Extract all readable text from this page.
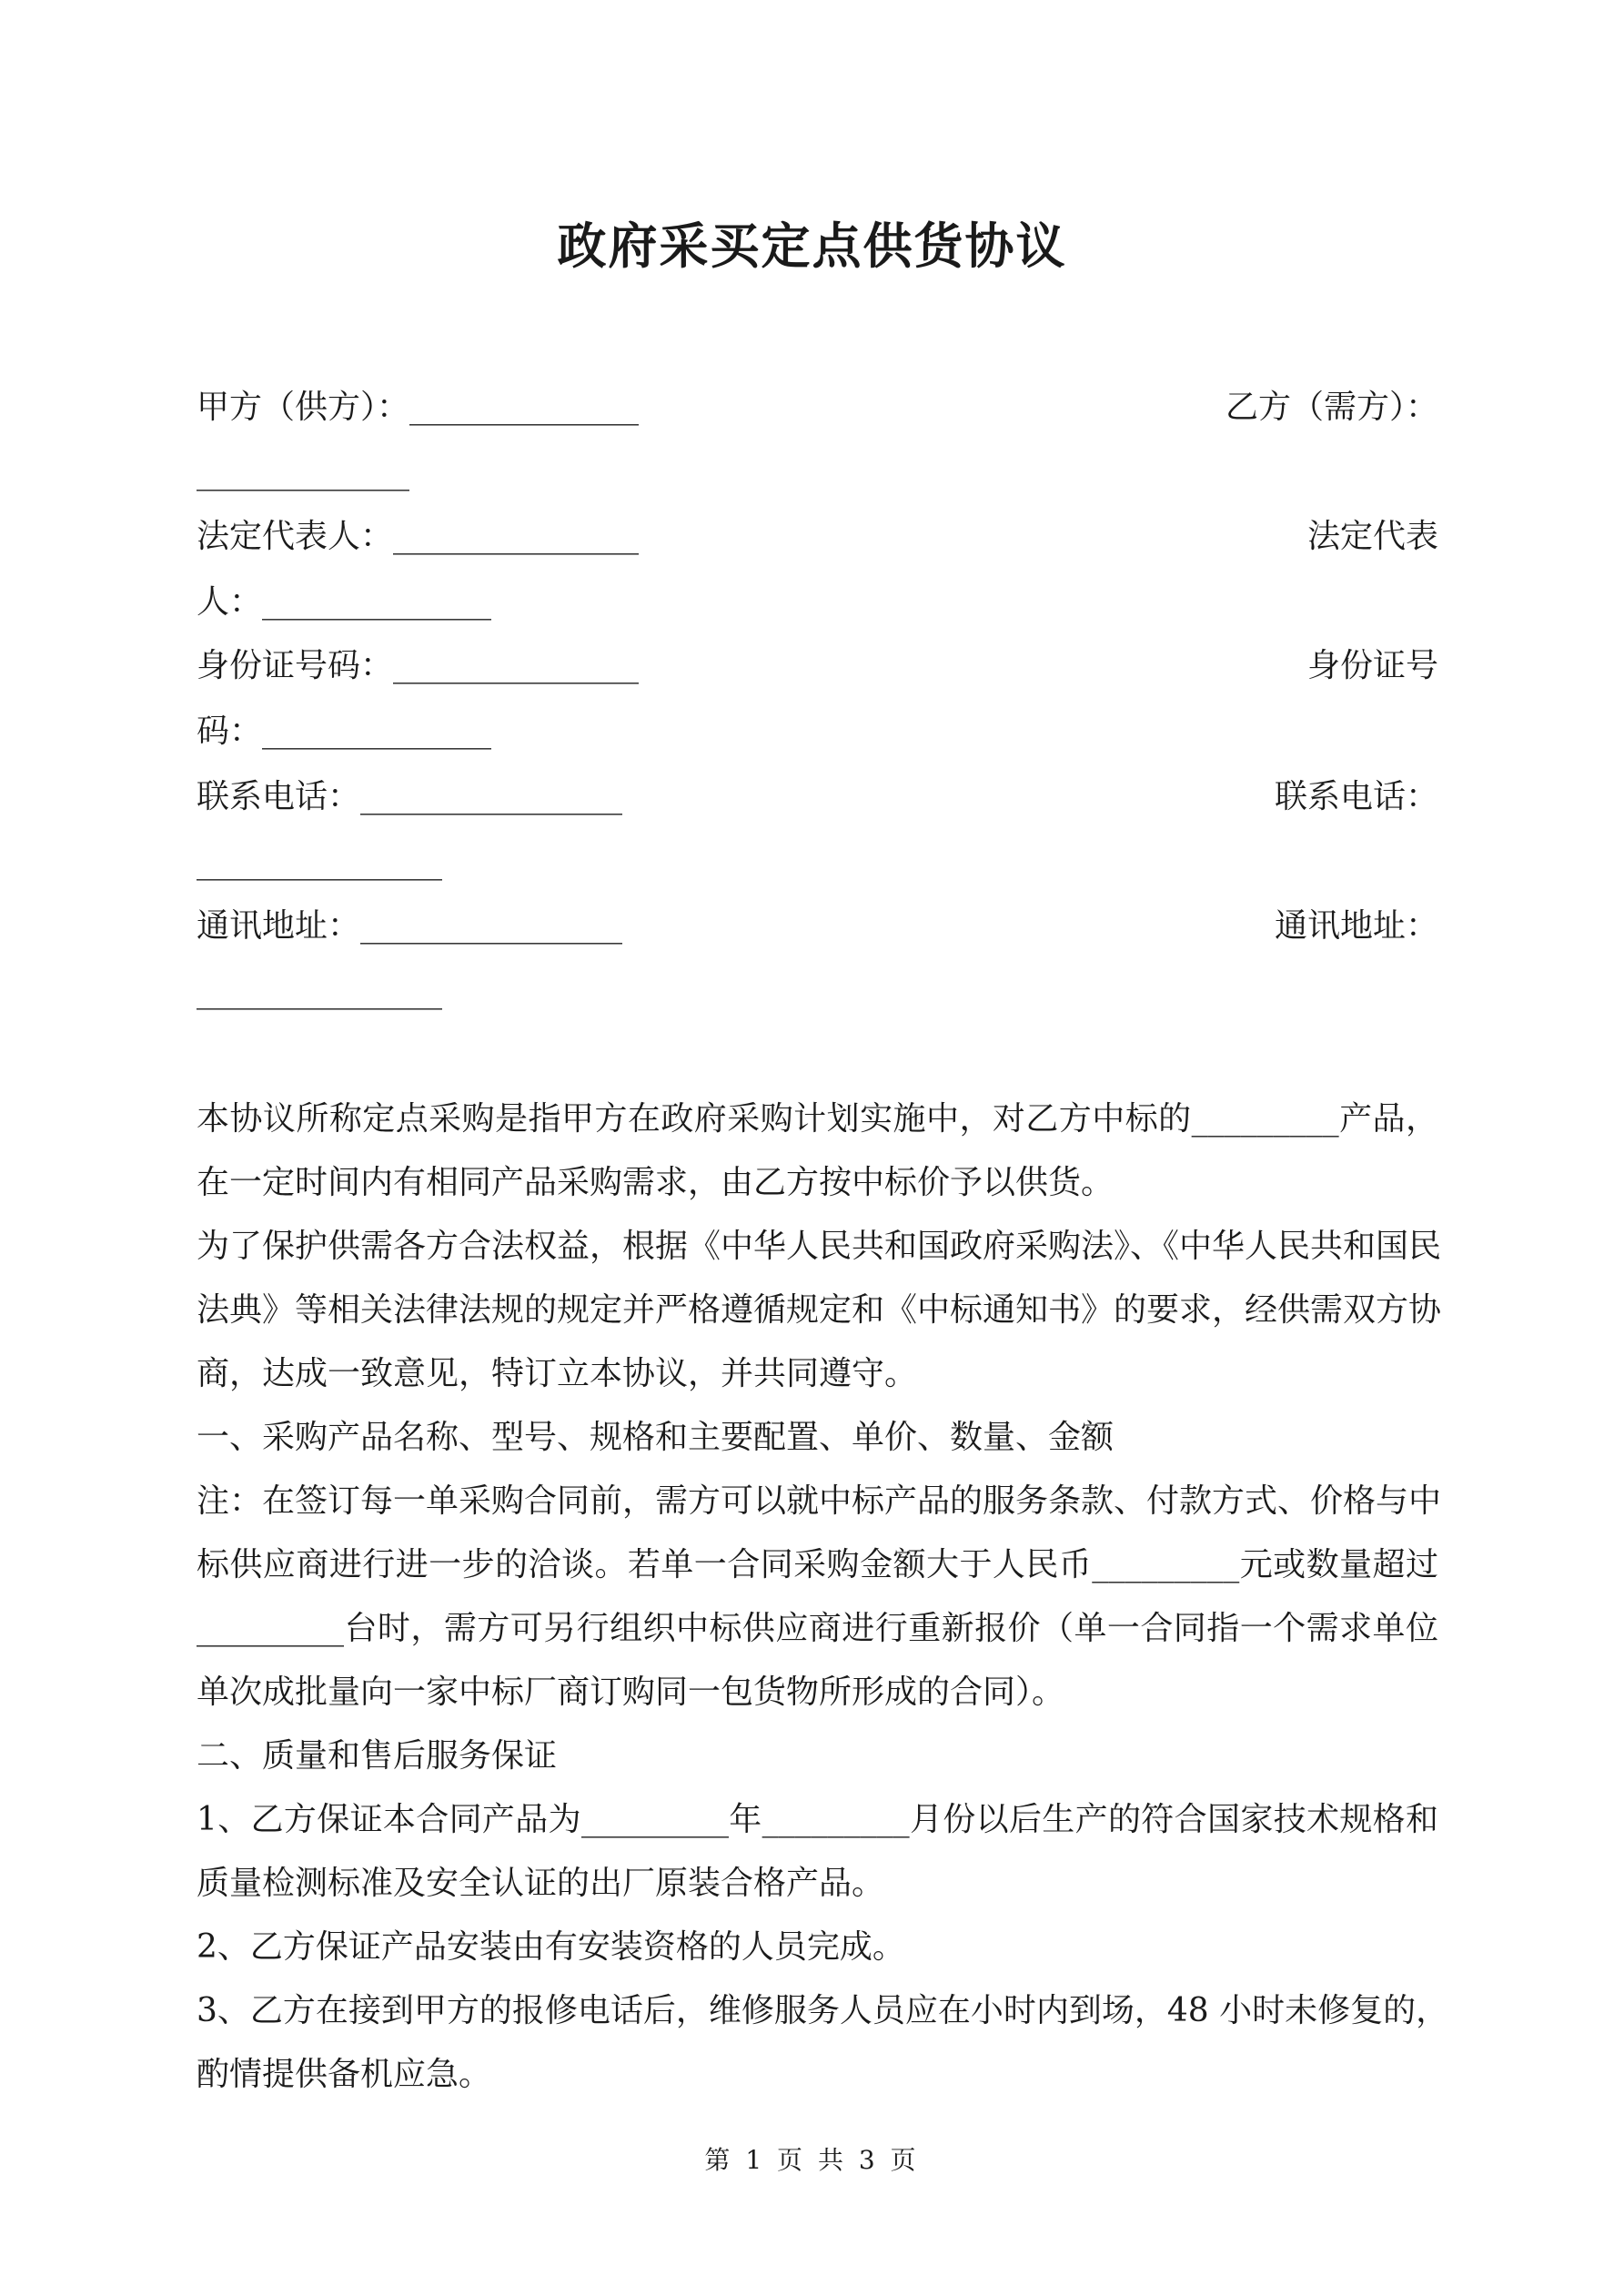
政府采买定点供货协议
甲方（供方）：______________	乙方（需方）：
_____________
法定代表人：_______________	法定代表
人：______________
身份证号码：_______________	身份证号
码：______________
联系电话：________________	联系电话：
_______________
通讯地址：________________	通讯地址：
_______________
本协议所称定点采购是指甲方在政府采购计划实施中，对乙方中标的_________产品，
在一定时间内有相同产品采购需求，由乙方按中标价予以供货。
为了保护供需各方合法权益，根据《中华人民共和国政府采购法》、《中华人民共和国民
法典》等相关法律法规的规定并严格遵循规定和《中标通知书》的要求，经供需双方协
商，达成一致意见，特订立本协议，并共同遵守。
一、采购产品名称、型号、规格和主要配置、单价、数量、金额
注：在签订每一单采购合同前，需方可以就中标产品的服务条款、付款方式、价格与中
标供应商进行进一步的洽谈。若单一合同采购金额大于人民币_________元或数量超过
_________台时，需方可另行组织中标供应商进行重新报价（单一合同指一个需求单位
单次成批量向一家中标厂商订购同一包货物所形成的合同）。
二、质量和售后服务保证
1、乙方保证本合同产品为_________年_________月份以后生产的符合国家技术规格和
质量检测标准及安全认证的出厂原装合格产品。
2、乙方保证产品安装由有安装资格的人员完成。
3、乙方在接到甲方的报修电话后，维修服务人员应在小时内到场，48 小时未修复的，
酌情提供备机应急。
第 1 页 共 3 页
